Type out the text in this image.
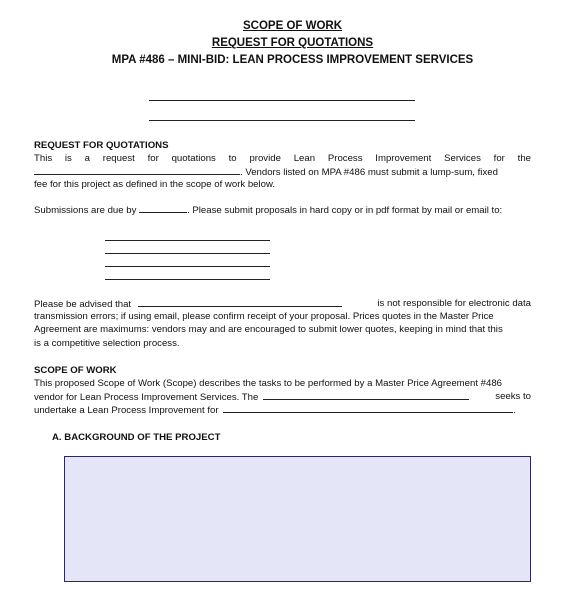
SCOPE OF WORK
REQUEST FOR QUOTATIONS
MPA #486 – MINI-BID: LEAN PROCESS IMPROVEMENT SERVICES
REQUEST FOR QUOTATIONS
This is a request for quotations to provide Lean Process Improvement Services for the
. Vendors listed on MPA #486 must submit a lump-sum, fixed
fee for this project as defined in the scope of work below.
Submissions are due by	. Please submit proposals in hard copy or in pdf format by mail or email to:
Please be advised that	is not responsible for electronic data
transmission errors; if using email, please confirm receipt of your proposal. Prices quotes in the Master Price
Agreement are maximums: vendors may and are encouraged to submit lower quotes, keeping in mind that this
is a competitive selection process.
SCOPE OF WORK
This proposed Scope of Work (Scope) describes the tasks to be performed by a Master Price Agreement #486
vendor for Lean Process Improvement Services. The	seeks to
undertake a Lean Process Improvement for	.
A. BACKGROUND OF THE PROJECT
